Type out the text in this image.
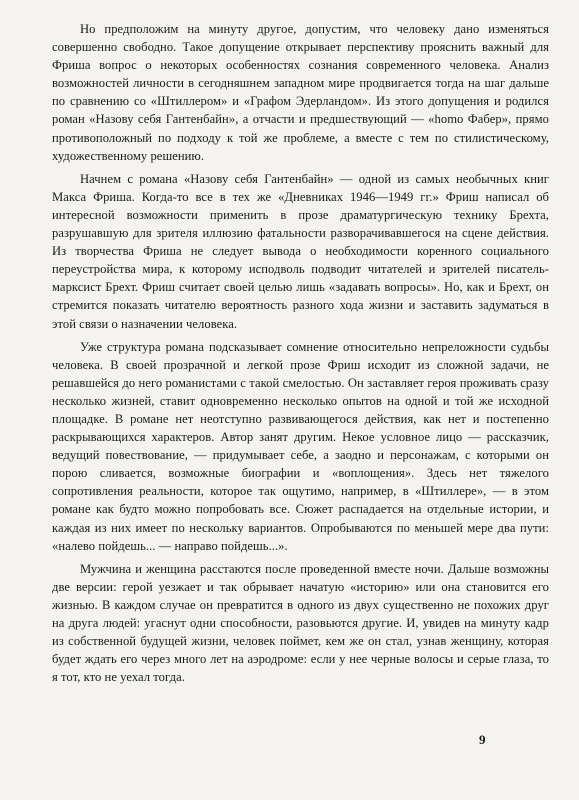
Но предположим на минуту другое, допустим, что человеку дано изменяться совершенно свободно. Такое допущение открывает перспективу прояснить важный для Фриша вопрос о некоторых особенностях сознания современного человека. Анализ возможностей личности в сегодняшнем западном мире продвигается тогда на шаг дальше по сравнению со «Штиллером» и «Графом Эдерландом». Из этого допущения и родился роман «Назову себя Гантенбайн», а отчасти и предшествующий — «homo Фабер», прямо противоположный по подходу к той же проблеме, а вместе с тем по стилистическому, художественному решению.

Начнем с романа «Назову себя Гантенбайн» — одной из самых необычных книг Макса Фриша. Когда-то все в тех же «Дневниках 1946—1949 гг.» Фриш написал об интересной возможности применить в прозе драматургическую технику Брехта, разрушавшую для зрителя иллюзию фатальности разворачивавшегося на сцене действия. Из творчества Фриша не следует вывода о необходимости коренного социального переустройства мира, к которому исподволь подводит читателей и зрителей писатель-марксист Брехт. Фриш считает своей целью лишь «задавать вопросы». Но, как и Брехт, он стремится показать читателю вероятность разного хода жизни и заставить задуматься в этой связи о назначении человека.

Уже структура романа подсказывает сомнение относительно непреложности судьбы человека. В своей прозрачной и легкой прозе Фриш исходит из сложной задачи, не решавшейся до него романистами с такой смелостью. Он заставляет героя проживать сразу несколько жизней, ставит одновременно несколько опытов на одной и той же исходной площадке. В романе нет неотступно развивающегося действия, как нет и постепенно раскрывающихся характеров. Автор занят другим. Некое условное лицо — рассказчик, ведущий повествование, — придумывает себе, а заодно и персонажам, с которыми он порою сливается, возможные биографии и «воплощения». Здесь нет тяжелого сопротивления реальности, которое так ощутимо, например, в «Штиллере», — в этом романе как будто можно попробовать все. Сюжет распадается на отдельные истории, и каждая из них имеет по нескольку вариантов. Опробываются по меньшей мере два пути: «налево пойдешь... — направо пойдешь...».

Мужчина и женщина расстаются после проведенной вместе ночи. Дальше возможны две версии: герой уезжает и так обрывает начатую «историю» или она становится его жизнью. В каждом случае он превратится в одного из двух существенно не похожих друг на друга людей: угаснут одни способности, разовьются другие. И, увидев на минуту кадр из собственной будущей жизни, человек поймет, кем же он стал, узнав женщину, которая будет ждать его через много лет на аэродроме: если у нее черные волосы и серые глаза, то я тот, кто не уехал тогда.

9
